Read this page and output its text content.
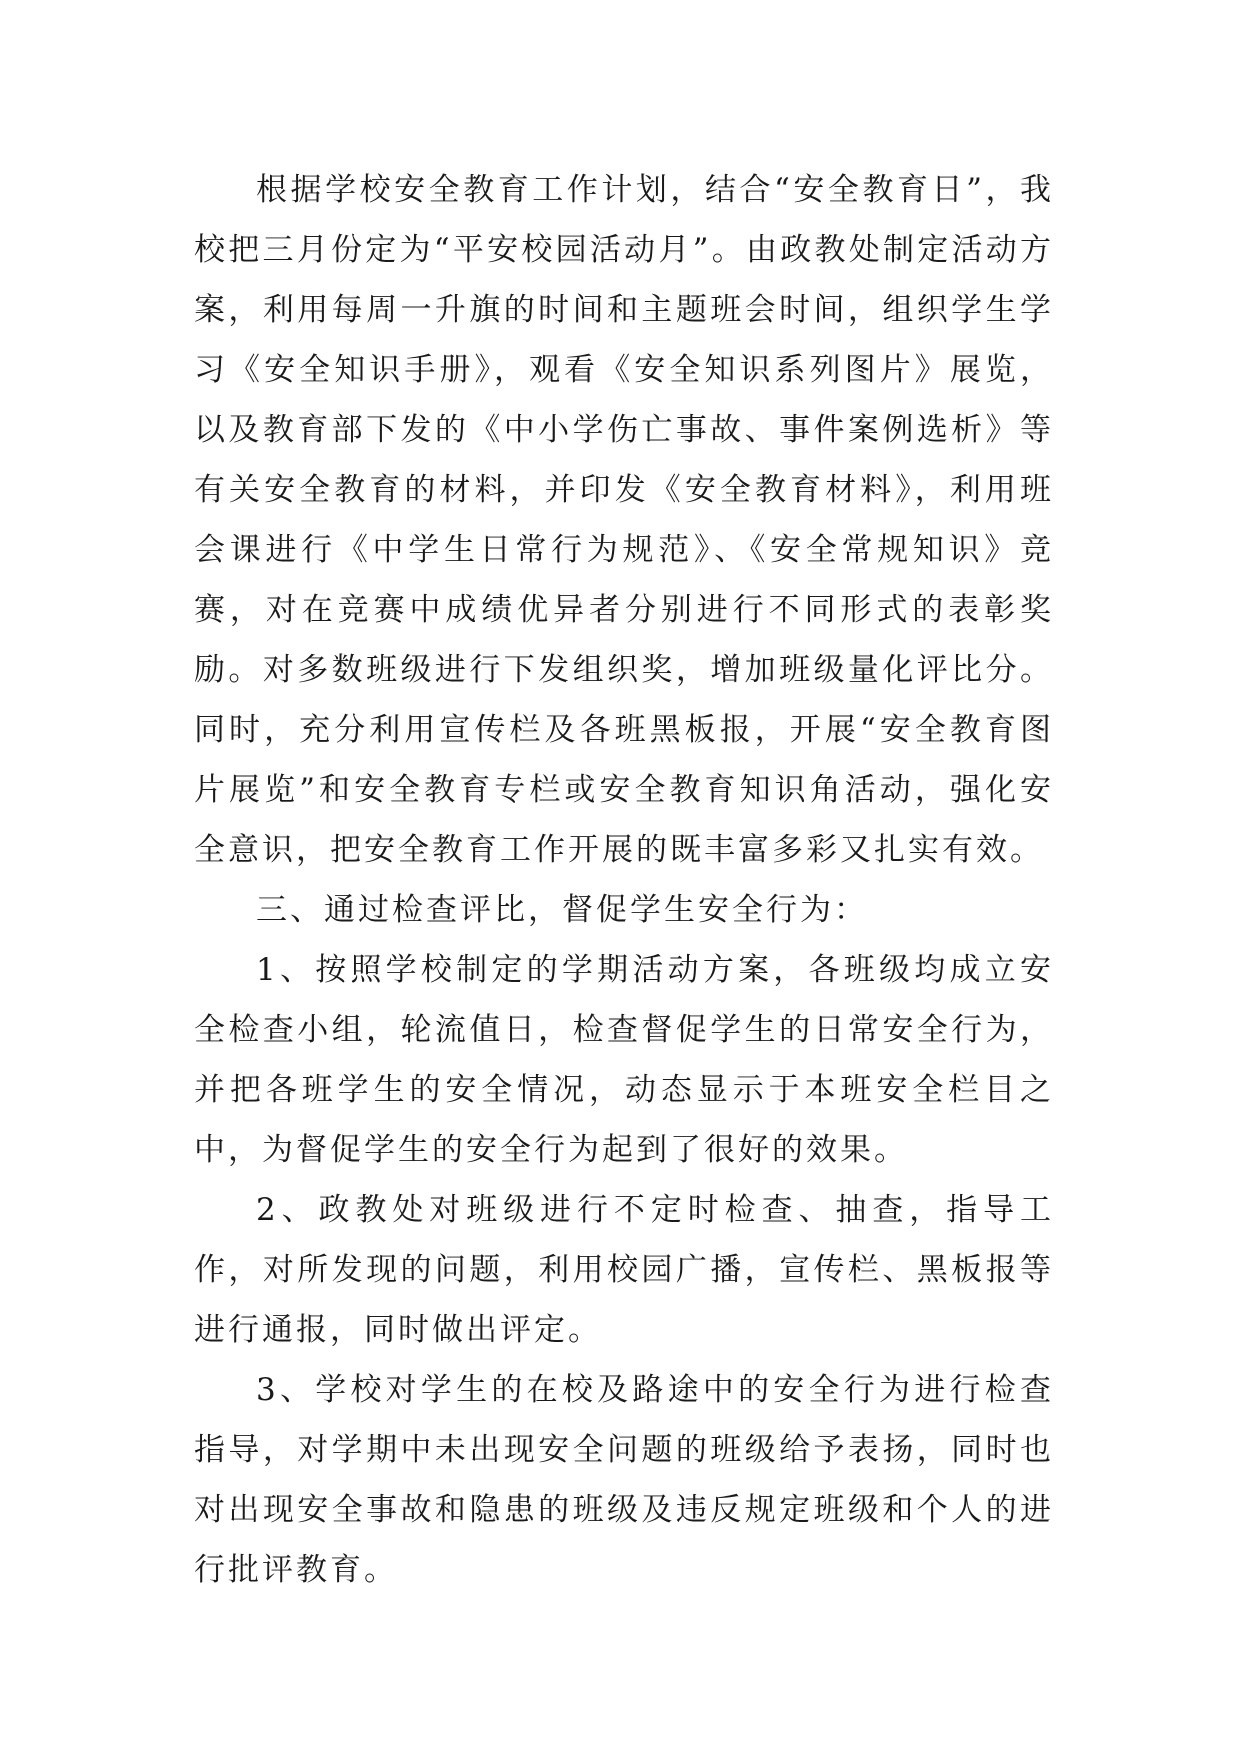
根据学校安全教育工作计划，结合“安全教育日”，我校把三月份定为“平安校园活动月”。由政教处制定活动方案，利用每周一升旗的时间和主题班会时间，组织学生学习《安全知识手册》，观看《安全知识系列图片》展览，以及教育部下发的《中小学伤亡事故、事件案例选析》等有关安全教育的材料，并印发《安全教育材料》，利用班会课进行《中学生日常行为规范》、《安全常规知识》竞赛，对在竞赛中成绩优异者分别进行不同形式的表彰奖励。对多数班级进行下发组织奖，增加班级量化评比分。同时，充分利用宣传栏及各班黑板报，开展“安全教育图片展览”和安全教育专栏或安全教育知识角活动，强化安全意识，把安全教育工作开展的既丰富多彩又扎实有效。

三、通过检查评比，督促学生安全行为：

1、按照学校制定的学期活动方案，各班级均成立安全检查小组，轮流值日，检查督促学生的日常安全行为，并把各班学生的安全情况，动态显示于本班安全栏目之中，为督促学生的安全行为起到了很好的效果。

2、政教处对班级进行不定时检查、抽查，指导工作，对所发现的问题，利用校园广播，宣传栏、黑板报等进行通报，同时做出评定。

3、学校对学生的在校及路途中的安全行为进行检查指导，对学期中未出现安全问题的班级给予表扬，同时也对出现安全事故和隐患的班级及违反规定班级和个人的进行批评教育。
